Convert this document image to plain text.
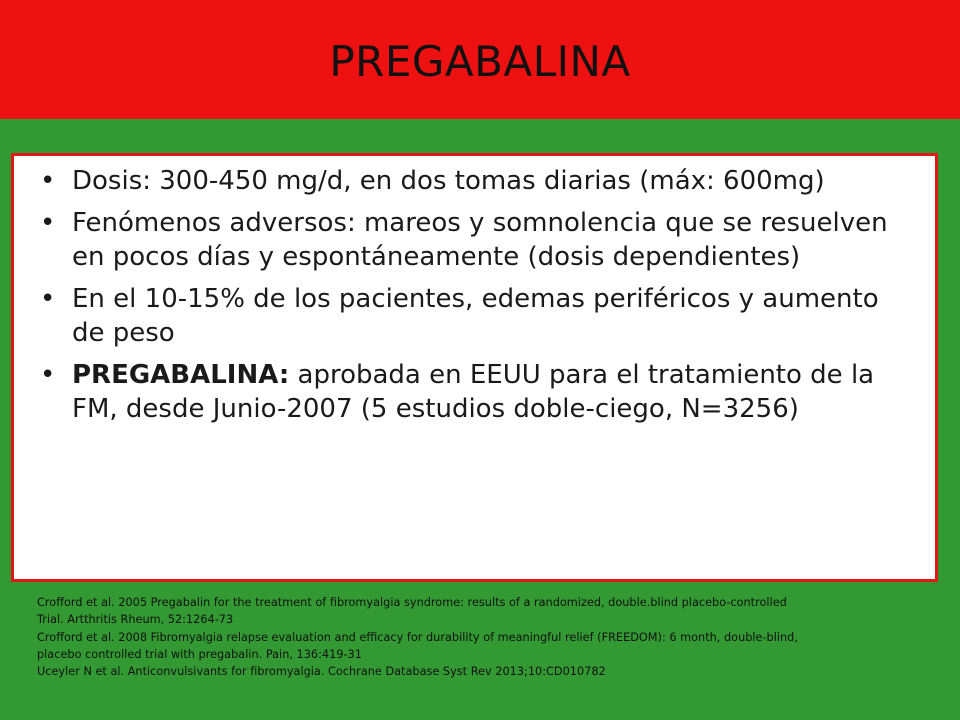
PREGABALINA
• Dosis: 300-450 mg/d, en dos tomas diarias (máx: 600mg)
• Fenómenos adversos: mareos y somnolencia que se resuelven en pocos días y espontáneamente (dosis dependientes)
• En el 10-15% de los pacientes, edemas periféricos y aumento de peso
• PREGABALINA: aprobada en EEUU para el tratamiento de la FM, desde Junio-2007 (5 estudios doble-ciego, N=3256)
Crofford et al. 2005 Pregabalin for the treatment of fibromyalgia syndrome: results of a randomized, double.blind placebo-controlled
Trial. Artthritis Rheum, 52:1264-73
Crofford et al. 2008 Fibromyalgia relapse evaluation and efficacy for durability of meaningful relief (FREEDOM): 6 month, double-blind,
placebo controlled trial with pregabalin. Pain, 136:419-31
Uceyler N et al. Anticonvulsivants for fibromyalgia. Cochrane Database Syst Rev 2013;10:CD010782
